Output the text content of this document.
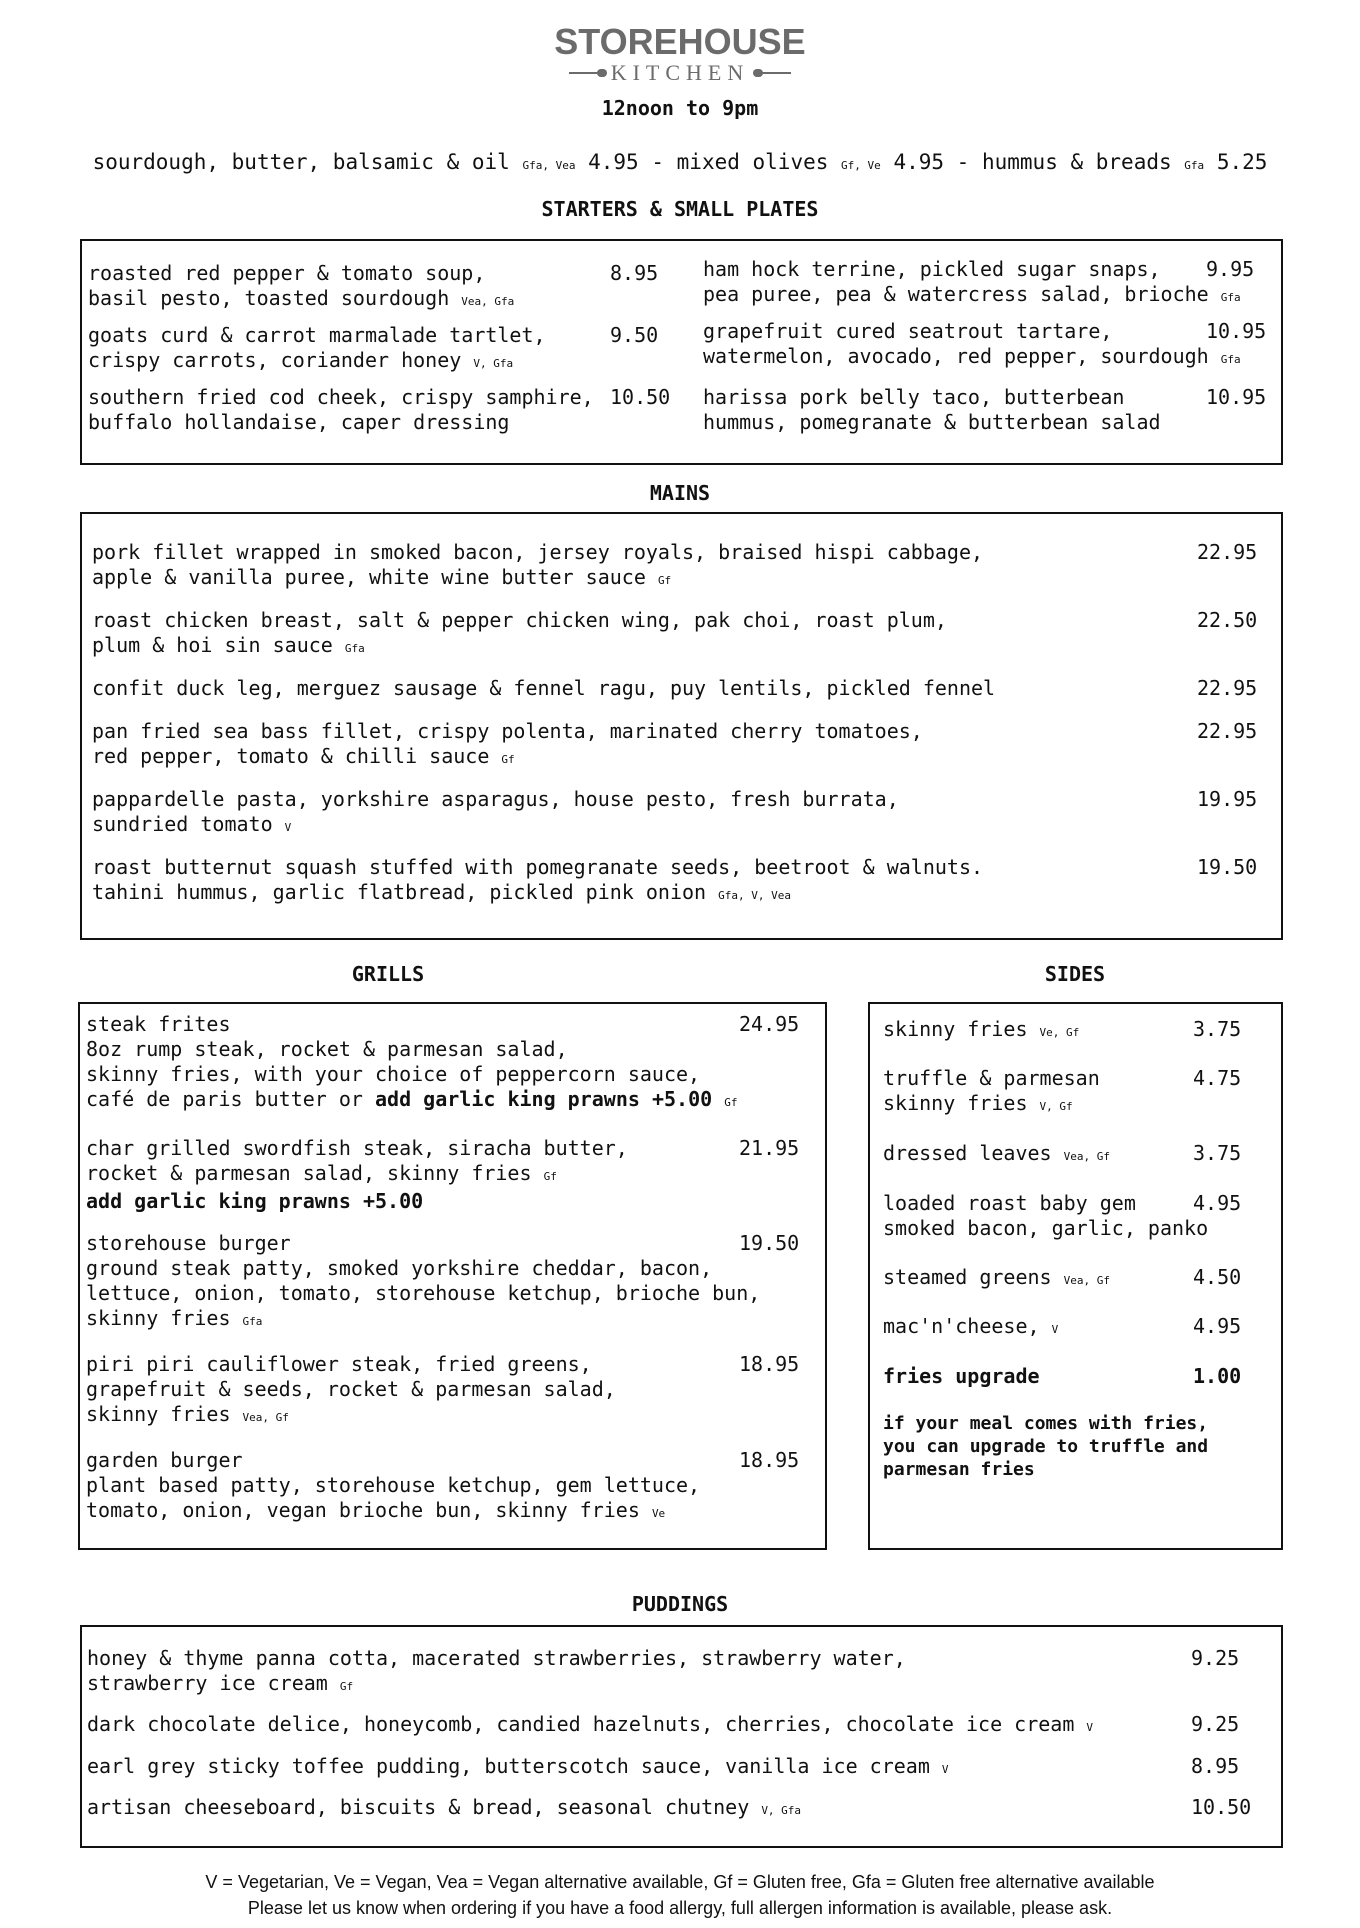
STOREHOUSE
KITCHEN
12noon to 9pm
sourdough, butter, balsamic & oil Gfa, Vea 4.95 - mixed olives Gf, Ve 4.95 - hummus & breads Gfa 5.25
STARTERS & SMALL PLATES
roasted red pepper & tomato soup,
basil pesto, toasted sourdough Vea, Gfa
8.95
goats curd & carrot marmalade tartlet,
crispy carrots, coriander honey V, Gfa
9.50
southern fried cod cheek, crispy samphire,
buffalo hollandaise, caper dressing
10.50
ham hock terrine, pickled sugar snaps,
pea puree, pea & watercress salad, brioche Gfa
9.95
grapefruit cured seatrout tartare,
watermelon, avocado, red pepper, sourdough Gfa
10.95
harissa pork belly taco, butterbean
hummus, pomegranate & butterbean salad
10.95
MAINS
pork fillet wrapped in smoked bacon, jersey royals, braised hispi cabbage,
apple & vanilla puree, white wine butter sauce Gf
22.95
roast chicken breast, salt & pepper chicken wing, pak choi, roast plum,
plum & hoi sin sauce Gfa
22.50
confit duck leg, merguez sausage & fennel ragu, puy lentils, pickled fennel	22.95
pan fried sea bass fillet, crispy polenta, marinated cherry tomatoes,
red pepper, tomato & chilli sauce Gf
22.95
pappardelle pasta, yorkshire asparagus, house pesto, fresh burrata,
sundried tomato V
19.95
roast butternut squash stuffed with pomegranate seeds, beetroot & walnuts.
tahini hummus, garlic flatbread, pickled pink onion Gfa, V, Vea
19.50
GRILLS
steak frites
8oz rump steak, rocket & parmesan salad,
skinny fries, with your choice of peppercorn sauce,
café de paris butter or add garlic king prawns +5.00 Gf
24.95
char grilled swordfish steak, siracha butter,
rocket & parmesan salad, skinny fries Gf
add garlic king prawns +5.00
21.95
storehouse burger
ground steak patty, smoked yorkshire cheddar, bacon,
lettuce, onion, tomato, storehouse ketchup, brioche bun,
skinny fries Gfa
19.50
piri piri cauliflower steak, fried greens,
grapefruit & seeds, rocket & parmesan salad,
skinny fries Vea, Gf
18.95
garden burger
plant based patty, storehouse ketchup, gem lettuce,
tomato, onion, vegan brioche bun, skinny fries Ve
18.95
SIDES
skinny fries Ve, Gf	3.75
truffle & parmesan
skinny fries V, Gf
4.75
dressed leaves Vea, Gf	3.75
loaded roast baby gem
smoked bacon, garlic, panko
4.95
steamed greens Vea, Gf	4.50
mac'n'cheese, V	4.95
fries upgrade	1.00
if your meal comes with fries,
you can upgrade to truffle and
parmesan fries
PUDDINGS
honey & thyme panna cotta, macerated strawberries, strawberry water,
strawberry ice cream Gf
9.25
dark chocolate delice, honeycomb, candied hazelnuts, cherries, chocolate ice cream V	9.25
earl grey sticky toffee pudding, butterscotch sauce, vanilla ice cream V	8.95
artisan cheeseboard, biscuits & bread, seasonal chutney V, Gfa	10.50
V = Vegetarian, Ve = Vegan, Vea = Vegan alternative available, Gf = Gluten free, Gfa = Gluten free alternative available
Please let us know when ordering if you have a food allergy, full allergen information is available, please ask.
